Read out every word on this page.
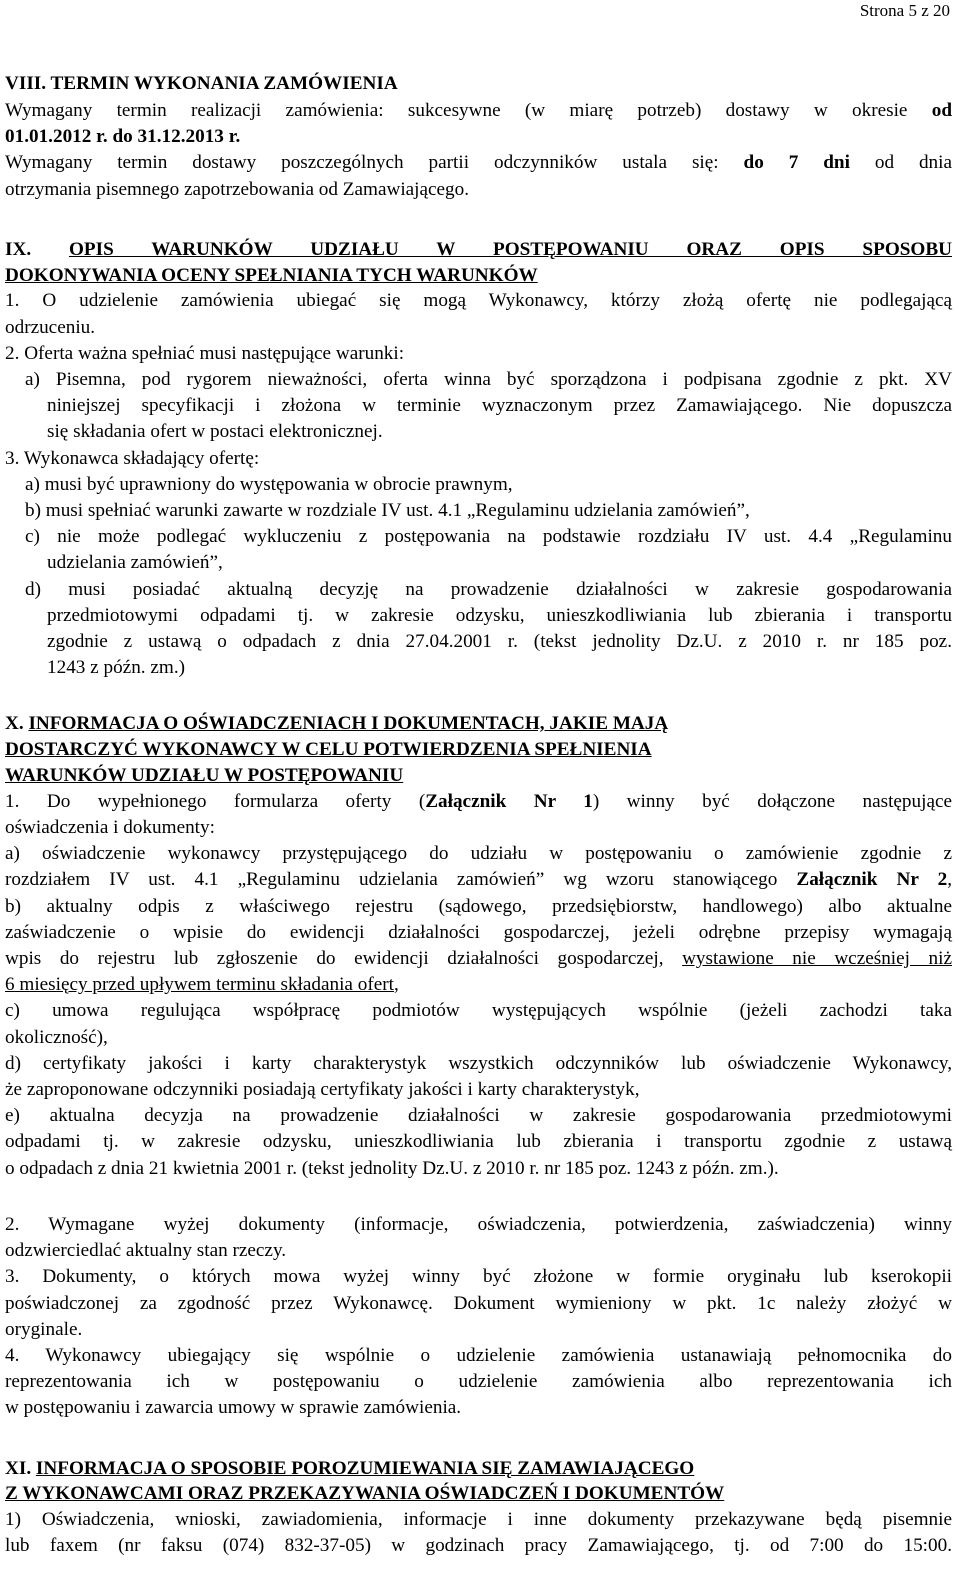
Strona 5 z 20
VIII. TERMIN WYKONANIA ZAMÓWIENIA
Wymagany termin realizacji zamówienia: sukcesywne (w miarę potrzeb) dostawy w okresie od
01.01.2012 r. do 31.12.2013 r.
Wymagany termin dostawy poszczególnych partii odczynników ustala się: do 7 dni od dnia
otrzymania pisemnego zapotrzebowania od Zamawiającego.
IX. OPIS WARUNKÓW UDZIAŁU W POSTĘPOWANIU ORAZ OPIS SPOSOBU
DOKONYWANIA OCENY SPEŁNIANIA TYCH WARUNKÓW
1. O udzielenie zamówienia ubiegać się mogą Wykonawcy, którzy złożą ofertę nie podlegającą
odrzuceniu.
2. Oferta ważna spełniać musi następujące warunki:
a) Pisemna, pod rygorem nieważności, oferta winna być sporządzona i podpisana zgodnie z pkt. XV
niniejszej specyfikacji i złożona w terminie wyznaczonym przez Zamawiającego. Nie dopuszcza
się składania ofert w postaci elektronicznej.
3. Wykonawca składający ofertę:
a) musi być uprawniony do występowania w obrocie prawnym,
b) musi spełniać warunki zawarte w rozdziale IV ust. 4.1 „Regulaminu udzielania zamówień”,
c) nie może podlegać wykluczeniu z postępowania na podstawie rozdziału IV ust. 4.4 „Regulaminu
udzielania zamówień”,
d) musi posiadać aktualną decyzję na prowadzenie działalności w zakresie gospodarowania
przedmiotowymi odpadami tj. w zakresie odzysku, unieszkodliwiania lub zbierania i transportu
zgodnie z ustawą o odpadach z dnia 27.04.2001 r. (tekst jednolity Dz.U. z 2010 r. nr 185 poz.
1243 z późn. zm.)
X. INFORMACJA O OŚWIADCZENIACH I DOKUMENTACH, JAKIE MAJĄ
DOSTARCZYĆ WYKONAWCY W CELU POTWIERDZENIA SPEŁNIENIA
WARUNKÓW UDZIAŁU W POSTĘPOWANIU
1. Do wypełnionego formularza oferty (Załącznik Nr 1) winny być dołączone następujące
oświadczenia i dokumenty:
a) oświadczenie wykonawcy przystępującego do udziału w postępowaniu o zamówienie zgodnie z
rozdziałem IV ust. 4.1 „Regulaminu udzielania zamówień” wg wzoru stanowiącego Załącznik Nr 2,
b) aktualny odpis z właściwego rejestru (sądowego, przedsiębiorstw, handlowego) albo aktualne
zaświadczenie o wpisie do ewidencji działalności gospodarczej, jeżeli odrębne przepisy wymagają
wpis do rejestru lub zgłoszenie do ewidencji działalności gospodarczej, wystawione nie wcześniej niż
6 miesięcy przed upływem terminu składania ofert,
c) umowa regulująca współpracę podmiotów występujących wspólnie (jeżeli zachodzi taka
okoliczność),
d) certyfikaty jakości i karty charakterystyk wszystkich odczynników lub oświadczenie Wykonawcy,
że zaproponowane odczynniki posiadają certyfikaty jakości i karty charakterystyk,
e) aktualna decyzja na prowadzenie działalności w zakresie gospodarowania przedmiotowymi
odpadami tj. w zakresie odzysku, unieszkodliwiania lub zbierania i transportu zgodnie z ustawą
o odpadach z dnia 21 kwietnia 2001 r. (tekst jednolity Dz.U. z 2010 r. nr 185 poz. 1243 z późn. zm.).
2. Wymagane wyżej dokumenty (informacje, oświadczenia, potwierdzenia, zaświadczenia) winny
odzwierciedlać aktualny stan rzeczy.
3. Dokumenty, o których mowa wyżej winny być złożone w formie oryginału lub kserokopii
poświadczonej za zgodność przez Wykonawcę. Dokument wymieniony w pkt. 1c należy złożyć w
oryginale.
4. Wykonawcy ubiegający się wspólnie o udzielenie zamówienia ustanawiają pełnomocnika do
reprezentowania ich w postępowaniu o udzielenie zamówienia albo reprezentowania ich
w postępowaniu i zawarcia umowy w sprawie zamówienia.
XI. INFORMACJA O SPOSOBIE POROZUMIEWANIA SIĘ ZAMAWIAJĄCEGO
Z WYKONAWCAMI ORAZ PRZEKAZYWANIA OŚWIADCZEŃ I DOKUMENTÓW
1) Oświadczenia, wnioski, zawiadomienia, informacje i inne dokumenty przekazywane będą pisemnie
lub faxem (nr faksu (074) 832-37-05) w godzinach pracy Zamawiającego, tj. od 7:00 do 15:00.
